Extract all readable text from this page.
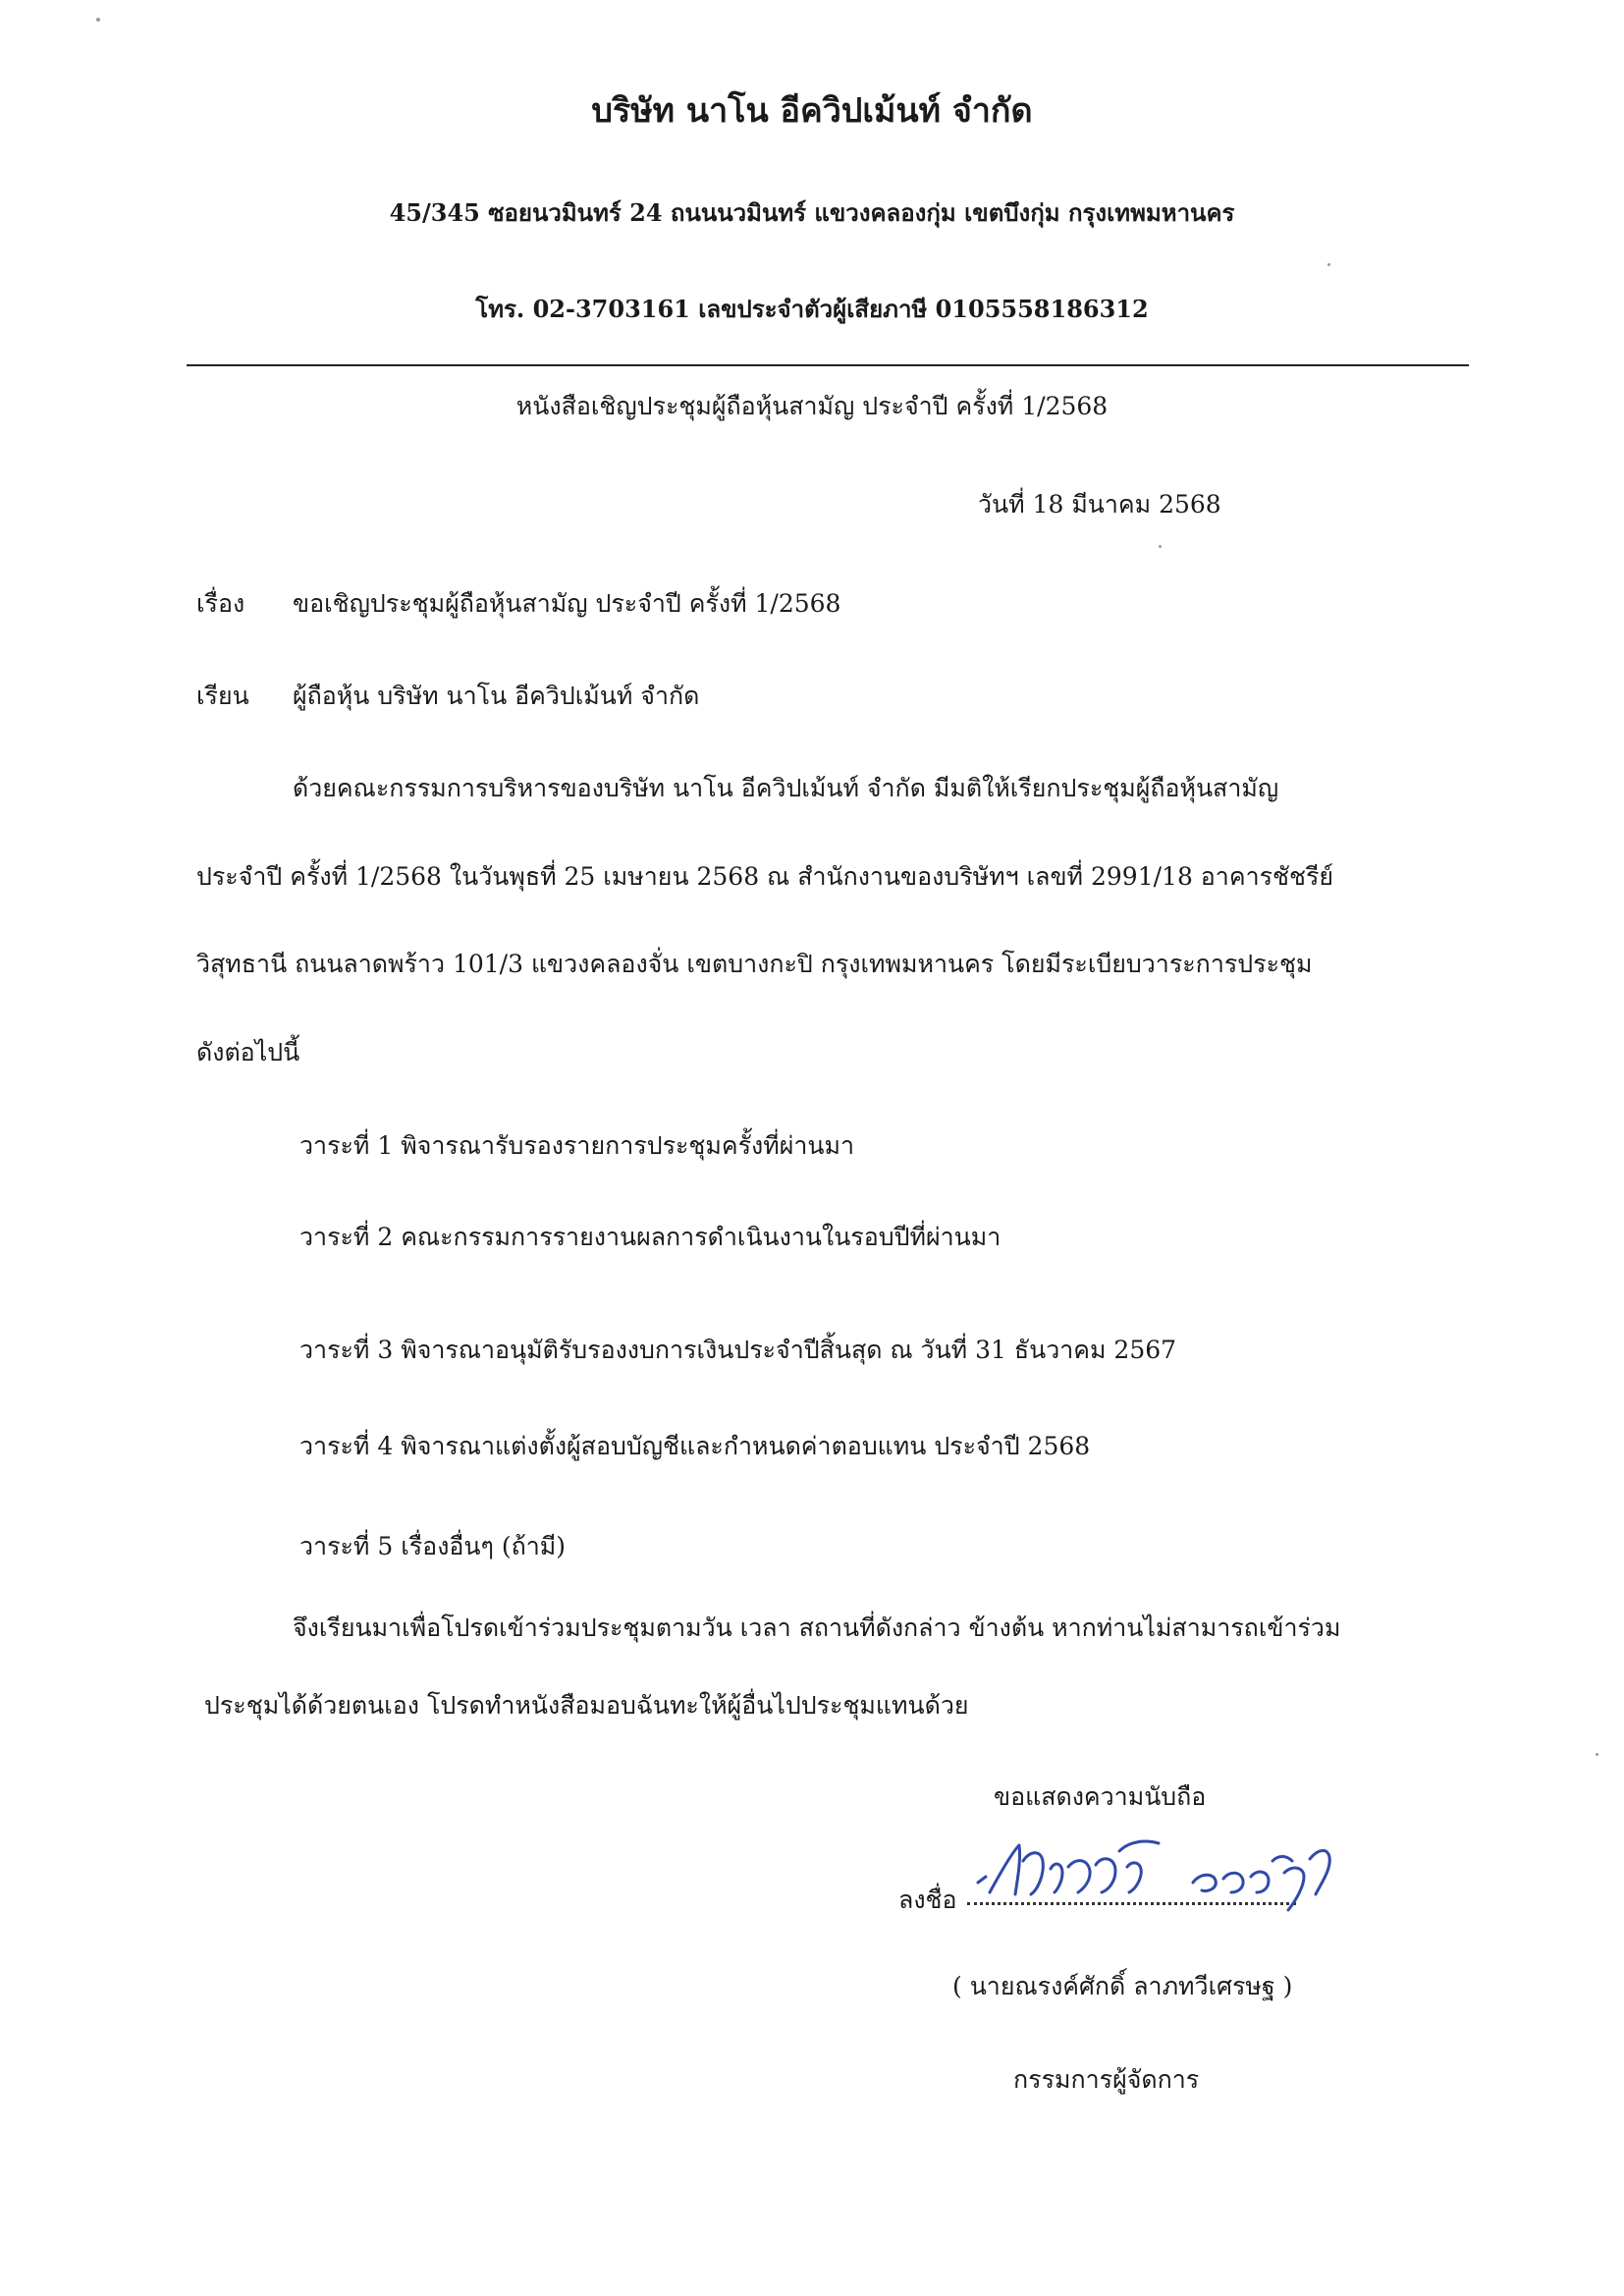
บริษัท นาโน อีควิปเม้นท์ จำกัด
45/345 ซอยนวมินทร์ 24 ถนนนวมินทร์ แขวงคลองกุ่ม เขตบึงกุ่ม กรุงเทพมหานคร
โทร. 02-3703161 เลขประจำตัวผู้เสียภาษี 0105558186312
หนังสือเชิญประชุมผู้ถือหุ้นสามัญ ประจำปี ครั้งที่ 1/2568
วันที่ 18 มีนาคม 2568
เรื่อง ขอเชิญประชุมผู้ถือหุ้นสามัญ ประจำปี ครั้งที่ 1/2568
เรียน ผู้ถือหุ้น บริษัท นาโน อีควิปเม้นท์ จำกัด
ด้วยคณะกรรมการบริหารของบริษัท นาโน อีควิปเม้นท์ จำกัด มีมติให้เรียกประชุมผู้ถือหุ้นสามัญ
ประจำปี ครั้งที่ 1/2568 ในวันพุธที่ 25 เมษายน 2568 ณ สำนักงานของบริษัทฯ เลขที่ 2991/18 อาคารชัชรีย์
วิสุทธานี ถนนลาดพร้าว 101/3 แขวงคลองจั่น เขตบางกะปิ กรุงเทพมหานคร โดยมีระเบียบวาระการประชุม
ดังต่อไปนี้
วาระที่ 1 พิจารณารับรองรายการประชุมครั้งที่ผ่านมา
วาระที่ 2 คณะกรรมการรายงานผลการดำเนินงานในรอบปีที่ผ่านมา
วาระที่ 3 พิจารณาอนุมัติรับรองงบการเงินประจำปีสิ้นสุด ณ วันที่ 31 ธันวาคม 2567
วาระที่ 4 พิจารณาแต่งตั้งผู้สอบบัญชีและกำหนดค่าตอบแทน ประจำปี 2568
วาระที่ 5 เรื่องอื่นๆ (ถ้ามี)
จึงเรียนมาเพื่อโปรดเข้าร่วมประชุมตามวัน เวลา สถานที่ดังกล่าว ข้างต้น หากท่านไม่สามารถเข้าร่วม
ประชุมได้ด้วยตนเอง โปรดทำหนังสือมอบฉันทะให้ผู้อื่นไปประชุมแทนด้วย
ขอแสดงความนับถือ
ลงชื่อ
( นายณรงค์ศักดิ์ ลาภทวีเศรษฐ )
กรรมการผู้จัดการ
